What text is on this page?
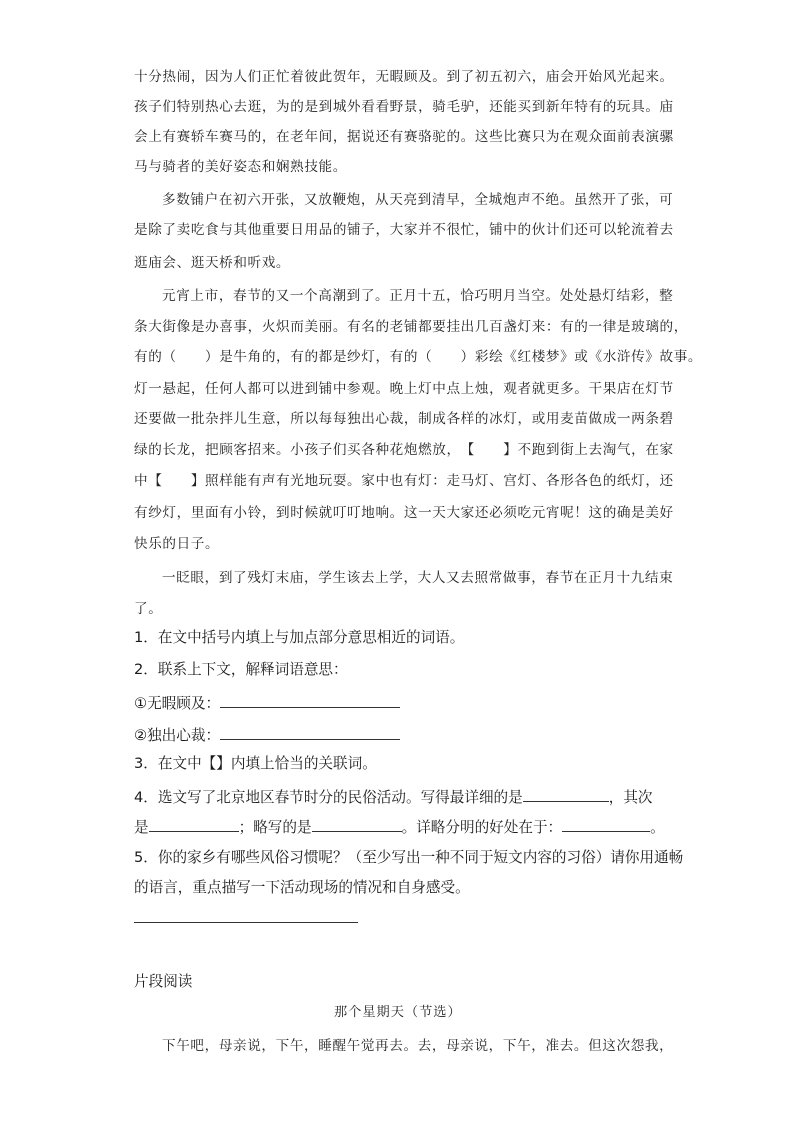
十 分 热 闹 ， 因 为 人 们 正 忙 着 彼 此 贺 年 ， 无 暇 顾 及 。 到 了 初 五 初 六 ， 庙 会 开 始 风 光 起 来 。
孩 子 们 特 别 热 心 去 逛 ， 为 的 是 到 城 外 看 看 野 景 ， 骑 毛 驴 ， 还 能 买 到 新 年 特 有 的 玩 具 。 庙
会 上 有 赛 轿 车 赛 马 的 ， 在 老 年 间 ， 据 说 还 有 赛 骆 驼 的 。 这 些 比 赛 只 为 在 观 众 面 前 表 演 骡
马与骑者的美好姿态和娴熟技能。
多 数 铺 户 在 初 六 开 张 ， 又 放 鞭 炮 ， 从 天 亮 到 清 早 ， 全 城 炮 声 不 绝 。 虽 然 开 了 张 ， 可
是 除 了 卖 吃 食 与 其 他 重 要 日 用 品 的 铺 子 ， 大 家 并 不 很 忙 ， 铺 中 的 伙 计 们 还 可 以 轮 流 着 去
逛庙会、逛天桥和听戏。
元 宵 上 市 ， 春 节 的 又 一 个 高 潮 到 了 。 正 月 十 五 ， 恰 巧 明 月 当 空 。 处 处 悬 灯 结 彩 ， 整
条 大 街 像 是 办 喜 事 ， 火 炽 而 美 丽 。 有 名 的 老 铺 都 要 挂 出 几 百 盏 灯 来 ： 有 的 一 律 是 玻 璃 的 ，
有 的 （

　 ） 是 牛 角 的 ， 有 的 都 是 纱 灯 ， 有 的 （

　 ） 彩 绘 《 红 楼 梦 》 或 《 水 浒 传 》 故 事 。
灯 一 悬 起 ， 任 何 人 都 可 以 进 到 铺 中 参 观 。 晚 上 灯 中 点 上 烛 ， 观 者 就 更 多 。 干 果 店 在 灯 节
还 要 做 一 批 杂 拌 儿 生 意 ， 所 以 每 每 独 出 心 裁 ， 制 成 各 样 的 冰 灯 ， 或 用 麦 苗 做 成 一 两 条 碧
绿 的 长 龙 ， 把 顾 客 招 来 。 小 孩 子 们 买 各 种 花 炮 燃 放 ， 【

　 】 不 跑 到 街 上 去 淘 气 ， 在 家
中 【

　 】 照 样 能 有 声 有 光 地 玩 耍 。 家 中 也 有 灯 ： 走 马 灯 、 宫 灯 、 各 形 各 色 的 纸 灯 ， 还
有 纱 灯 ， 里 面 有 小 铃 ， 到 时 候 就 叮 叮 地 响 。 这 一 天 大 家 还 必 须 吃 元 宵 呢 ！ 这 的 确 是 美 好
快乐的日子。
一 眨 眼 ， 到 了 残 灯 末 庙 ， 学 生 该 去 上 学 ， 大 人 又 去 照 常 做 事 ， 春 节 在 正 月 十 九 结 束
了。
1．在文中括号内填上与加点部分意思相近的词语。
2．联系上下文，解释词语意思：
①无暇顾及：
②独出心裁：
3．在文中【】内填上恰当的关联词。
4．选文写了北京地区春节时分的民俗活动。写得最详细的是	，其次
是	；略写的是	。详略分明的好处在于：	。
5．你的家乡有哪些风俗习惯呢？（至少写出一种不同于短文内容的习俗）请你用通畅
的语言，重点描写一下活动现场的情况和自身感受。
片段阅读
那个星期天（节选）
下 午 吧 ， 母 亲 说 ， 下 午 ， 睡 醒 午 觉 再 去 。 去 ， 母 亲 说 ， 下 午 ， 准 去 。 但 这 次 怨 我 ，
